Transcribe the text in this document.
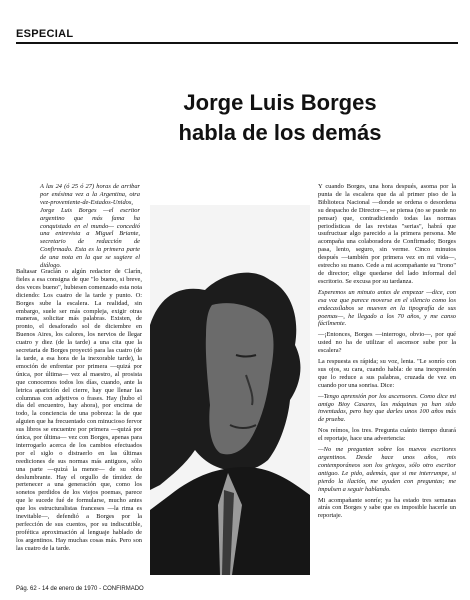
ESPECIAL
Jorge Luis Borges
habla de los demás
A las 24 (ó 25 ó 27) horas de arribar por enésima vez a la Argentina, otra vez-proveniente-de-Estados-Unidos, Jorge Luis Borges —el escritor argentino que más fama ha conquistado en el mundo— concedió una entrevista a Miguel Briante, secretario de redacción de Confirmado. Esta es la primera parte de una nota en la que se sugiere el diálogo.

Baltasar Gracián o algún redactor de Clarín, fieles a esa consigna de que "lo bueno, si breve, dos veces bueno", hubiesen comenzado esta nota diciendo: Los cuatro de la tarde y punto. O: Borges sube la escalera. La realidad, sin embargo, suele ser más compleja, exigir otras maneras, solicitar más palabras. Existen, de pronto, el desaforado sol de diciembre en Buenos Aires, los calores, los nervios de llegar cuatro y diez (de la tarde) a una cita que la secretaria de Borges proyectó para las cuatro (de la tarde, a esa hora de la inexorable tarde), la emoción de enfrentar por primera —quizá por única, por última— vez al maestro, al prosista que conocemos todos los días, cuando, ante la letrica aparición del cierre, hay que llenar las columnas con adjetivos o frases. Hay (hubo el día del encuentro, hay ahora), por encima de todo, la conciencia de una pobreza: la de que alguien que ha frecuentado con minucioso fervor sus libros se encuentre por primera —quizá por única, por última— vez con Borges, apenas para interrogarlo acerca de los cambios efectuados por el siglo o distraerlo en las últimas reediciones de sus normas más antiguos, sólo una parte —quizá la menor— de su obra deslumbrante. Hay el orgullo de tímidez de pertenecer a una generación que, como los sonetos perdidos de los viejos poemas, parece que le sucede fué de formularse, mucho antes que los estructuralistas franceses —la rima es inevitable—, defendió a Borges por la perfección de sus cuentos, por su indiscutible, profética aproximación al lenguaje hablado de los argentinos. Hay muchas cosas más. Pero son las cuatro de la tarde.

Y cuando Borges, una hora después, asoma por la punta de la escalera que da al primer piso de la Biblioteca Nacional —donde se ordena o desordena su despacho de Director—, se piensa (no se puede no pensar) que, contradiciendo todas las normas periodísticas de las revistas "serias", habrá que usufructuar algo parecido a la primera persona. Me acompaña una colaboradora de Confirmado; Borges pasa, lento, seguro, sin verme. Cinco minutos después —también por primera vez en mi vida—, estrecho su mano. Cede a mi acompañante su "trono" de director; elige quedarse del lado informal del escritorio. Se excusa por su tardanza.

Esperemos un minuto antes de empezar —dice, con esa voz que parece moverse en el silencio como los endecasílabos se mueven en la tipografía de sus poemas—, he llegado a los 70 años, y me canso fácilmente.

—¡Entonces, Borges —interrogo, obvio—, por qué usted no ha de utilizar el ascensor sube por la escalera?

La respuesta es rápida; su voz, lenta. "Le sonrío con sus ojos, su cara, cuando habla: de una inexpresión que lo reduce a sus palabras, cruzada de vez en cuando por una sonrisa. Dice:

—Tengo aprensión por los ascensores. Como dice mi amigo Bioy Casares, las máquinas ya han sido inventadas, pero hay que darles unos 100 años más de prueba.

Nos reímos, los tres. Pregunta cuánto tiempo durará el reportaje, hace una advertencia:

—No me pregunten sobre los nuevos escritores argentinos. Desde hace unos años, mis contemporáneos son los griegos, sólo otro escritor antiguo. Le pido, además, que si me interrumpe, si pierdo la ilación, me ayuden con preguntas; me impulsen a seguir hablando.

Mi acompañante sonríe; ya ha estado tres semanas atrás con Borges y sabe que es imposible hacerle un reportaje.

Pág. 62 - 14 de enero de 1970 - CONFIRMADO
